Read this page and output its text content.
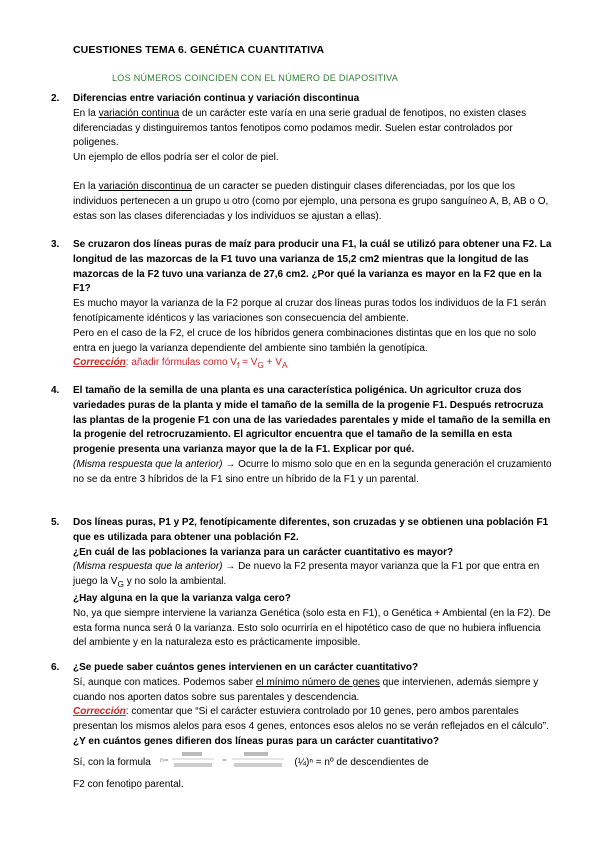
CUESTIONES TEMA 6. GENÉTICA CUANTITATIVA
LOS NÚMEROS COINCIDEN CON EL NÚMERO DE DIAPOSITIVA
2. Diferencias entre variación continua y variación discontinua

En la variación continua de un carácter este varía en una serie gradual de fenotipos, no existen clases diferenciadas y distinguiremos tantos fenotipos como podamos medir. Suelen estar controlados por poligenes.

Un ejemplo de ellos podría ser el color de piel.

En la variación discontinua de un caracter se pueden distinguir clases diferenciadas, por los que los individuos pertenecen a un grupo u otro (como por ejemplo, una persona es grupo sanguíneo A, B, AB o O, estas son las clases diferenciadas y los individuos se ajustan a ellas).

3. Se cruzaron dos líneas puras de maíz para producir una F1, la cuál se utilizó para obtener una F2. La longitud de las mazorcas de la F1 tuvo una varianza de 15,2 cm2 mientras que la longitud de las mazorcas de la F2 tuvo una varianza de 27,6 cm2. ¿Por qué la varianza es mayor en la F2 que en la F1?

Es mucho mayor la varianza de la F2 porque al cruzar dos líneas puras todos los individuos de la F1 serán fenotípicamente idénticos y las variaciones son consecuencia del ambiente.

Pero en el caso de la F2, el cruce de los híbridos genera combinaciones distintas que en los que no solo entra en juego la varianza dependiente del ambiente sino también la genotípica.

Corrección: añadir fórmulas como $V_f = V_G + V_A$

4. El tamaño de la semilla de una planta es una característica poligénica. Un agricultor cruza dos variedades puras de la planta y mide el tamaño de la semilla de la progenie F1. Después retrocruza las plantas de la progenie F1 con una de las variedades parentales y mide el tamaño de la semilla en la progenie del retrocruzamiento. El agricultor encuentra que el tamaño de la semilla en esta progenie presenta una varianza mayor que la de la F1. Explicar por qué.

(Misma respuesta que la anterior) → Ocurre lo mismo solo que en en la segunda generación el cruzamiento no se da entre 3 híbridos de la F1 sino entre un híbrido de la F1 y un parental.

5. Dos líneas puras, P1 y P2, fenotípicamente diferentes, son cruzadas y se obtienen una población F1 que es utilizada para obtener una población F2.

¿En cuál de las poblaciones la varianza para un carácter cuantitativo es mayor?

(Misma respuesta que la anterior) → De nuevo la F2 presenta mayor varianza que la F1 por que entra en juego la $V_G$ y no solo la ambiental.

¿Hay alguna en la que la varianza valga cero?

No, ya que siempre interviene la varianza Genética (solo esta en F1), o Genética + Ambiental (en la F2). De esta forma nunca será 0 la varianza. Esto solo ocurriría en el hipotético caso de que no hubiera influencia del ambiente y en la naturaleza esto es prácticamente imposible.

6. ¿Se puede saber cuántos genes intervienen en un carácter cuantitativo?

Sí, aunque con matices. Podemos saber el mínimo número de genes que intervienen, además siempre y cuando nos aporten datos sobre sus parentales y descendencia.

Corrección: comentar que “Si el carácter estuviera controlado por 10 genes, pero ambos parentales presentan los mismos alelos para esos 4 genes, entonces esos alelos no se verán reflejados en el cálculo”.

¿Y en cuántos genes difieren dos líneas puras para un carácter cuantitativo?

Sí, con la formula n=	=	(¼)ⁿ = nº de descendientes de

F2 con fenotipo parental.
